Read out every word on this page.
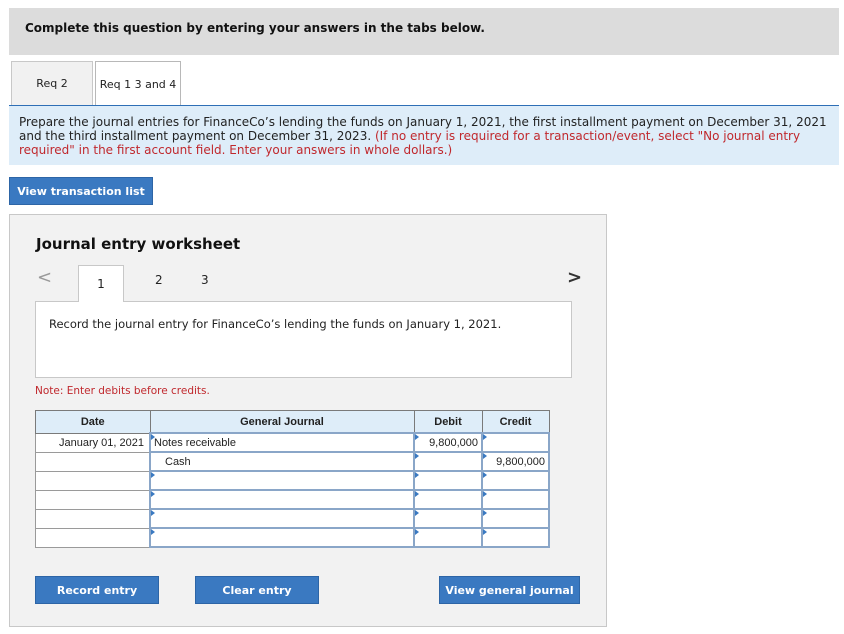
Complete this question by entering your answers in the tabs below.
Req 2	Req 1 3 and 4
Prepare the journal entries for FinanceCo’s lending the funds on January 1, 2021, the first installment payment on December 31, 2021 and the third installment payment on December 31, 2023. (If no entry is required for a transaction/event, select "No journal entry required" in the first account field. Enter your answers in whole dollars.)
View transaction list
Journal entry worksheet
<	>
1	2	3
Record the journal entry for FinanceCo’s lending the funds on January 1, 2021.
Note: Enter debits before credits.
Date	General Journal	Debit	Credit
January 01, 2021	Notes receivable	9,800,000	

	Cash		9,800,000

Record entry	Clear entry	View general journal
